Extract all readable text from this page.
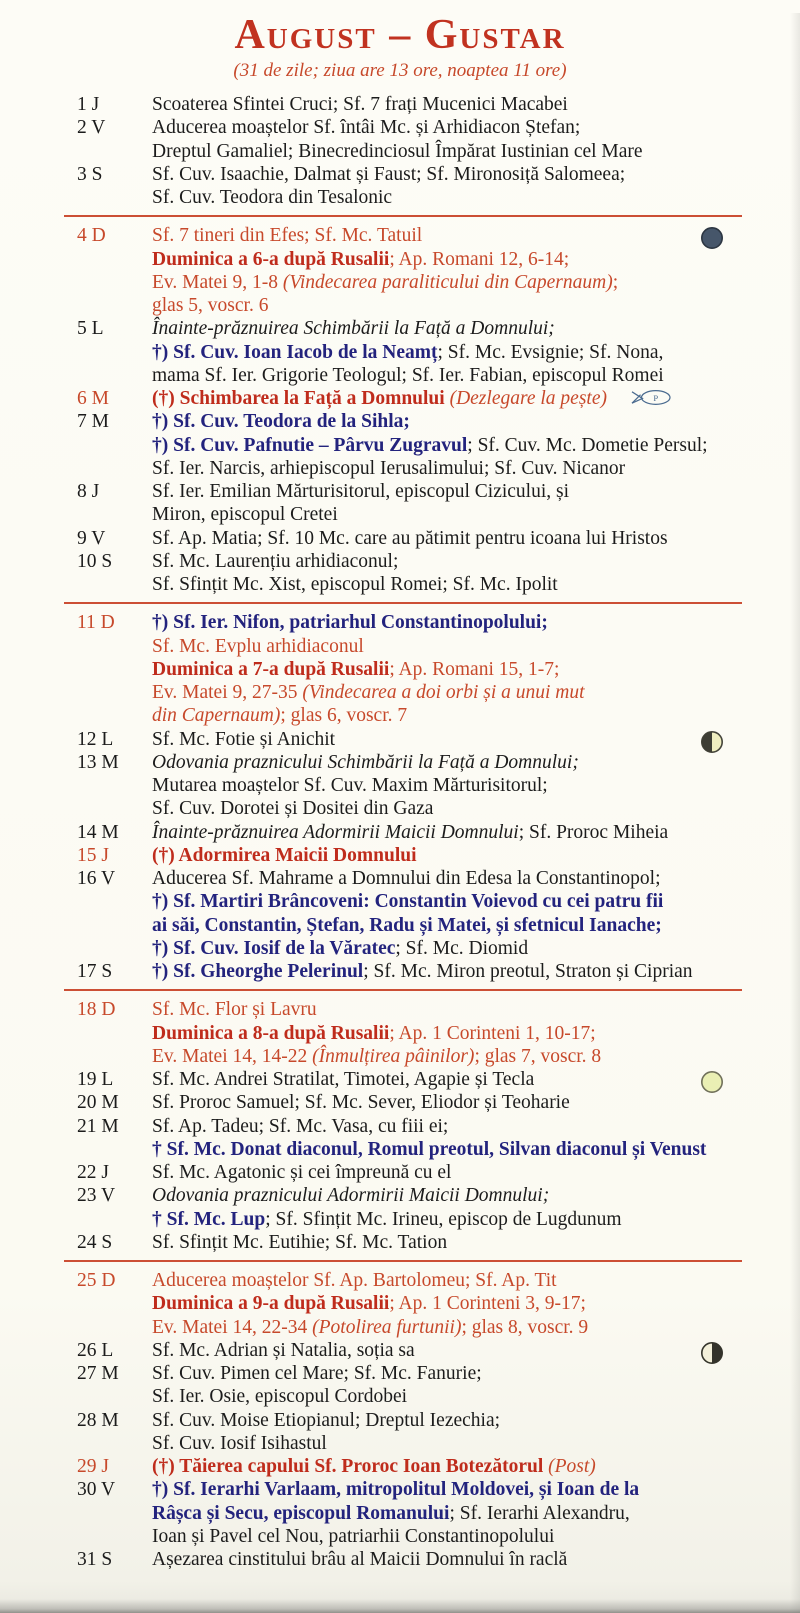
August – Gustar
(31 de zile; ziua are 13 ore, noaptea 11 ore)
1 J	Scoaterea Sfintei Cruci; Sf. 7 frați Mucenici Macabei
2 V	Aducerea moaștelor Sf. întâi Mc. și Arhidiacon Ștefan;
Dreptul Gamaliel; Binecredinciosul Împărat Iustinian cel Mare
3 S	Sf. Cuv. Isaachie, Dalmat și Faust; Sf. Mironosiță Salomeea;
Sf. Cuv. Teodora din Tesalonic
4 D	Sf. 7 tineri din Efes; Sf. Mc. Tatuil
Duminica a 6-a după Rusalii; Ap. Romani 12, 6-14;
Ev. Matei 9, 1-8 (Vindecarea paraliticului din Capernaum);
glas 5, voscr. 6
5 L	Înainte-prăznuirea Schimbării la Față a Domnului;
†) Sf. Cuv. Ioan Iacob de la Neamț; Sf. Mc. Evsignie; Sf. Nona,
mama Sf. Ier. Grigorie Teologul; Sf. Ier. Fabian, episcopul Romei
6 M	(†) Schimbarea la Față a Domnului (Dezlegare la pește)	P
7 M	†) Sf. Cuv. Teodora de la Sihla;
†) Sf. Cuv. Pafnutie – Pârvu Zugravul; Sf. Cuv. Mc. Dometie Persul;
Sf. Ier. Narcis, arhiepiscopul Ierusalimului; Sf. Cuv. Nicanor
8 J	Sf. Ier. Emilian Mărturisitorul, episcopul Cizicului, și
Miron, episcopul Cretei
9 V	Sf. Ap. Matia; Sf. 10 Mc. care au pătimit pentru icoana lui Hristos
10 S	Sf. Mc. Laurențiu arhidiaconul;
Sf. Sfințit Mc. Xist, episcopul Romei; Sf. Mc. Ipolit
11 D	†) Sf. Ier. Nifon, patriarhul Constantinopolului;
Sf. Mc. Evplu arhidiaconul
Duminica a 7-a după Rusalii; Ap. Romani 15, 1-7;
Ev. Matei 9, 27-35 (Vindecarea a doi orbi și a unui mut
din Capernaum); glas 6, voscr. 7
12 L	Sf. Mc. Fotie și Anichit
13 M	Odovania praznicului Schimbării la Față a Domnului;
Mutarea moaștelor Sf. Cuv. Maxim Mărturisitorul;
Sf. Cuv. Dorotei și Dositei din Gaza
14 M	Înainte-prăznuirea Adormirii Maicii Domnului; Sf. Proroc Miheia
15 J	(†) Adormirea Maicii Domnului
16 V	Aducerea Sf. Mahrame a Domnului din Edesa la Constantinopol;
†) Sf. Martiri Brâncoveni: Constantin Voievod cu cei patru fii
ai săi, Constantin, Ștefan, Radu și Matei, și sfetnicul Ianache;
†) Sf. Cuv. Iosif de la Văratec; Sf. Mc. Diomid
17 S	†) Sf. Gheorghe Pelerinul; Sf. Mc. Miron preotul, Straton și Ciprian
18 D	Sf. Mc. Flor și Lavru
Duminica a 8-a după Rusalii; Ap. 1 Corinteni 1, 10-17;
Ev. Matei 14, 14-22 (Înmulțirea pâinilor); glas 7, voscr. 8
19 L	Sf. Mc. Andrei Stratilat, Timotei, Agapie și Tecla
20 M	Sf. Proroc Samuel; Sf. Mc. Sever, Eliodor și Teoharie
21 M	Sf. Ap. Tadeu; Sf. Mc. Vasa, cu fiii ei;
† Sf. Mc. Donat diaconul, Romul preotul, Silvan diaconul și Venust
22 J	Sf. Mc. Agatonic și cei împreună cu el
23 V	Odovania praznicului Adormirii Maicii Domnului;
† Sf. Mc. Lup; Sf. Sfințit Mc. Irineu, episcop de Lugdunum
24 S	Sf. Sfințit Mc. Eutihie; Sf. Mc. Tation
25 D	Aducerea moaștelor Sf. Ap. Bartolomeu; Sf. Ap. Tit
Duminica a 9-a după Rusalii; Ap. 1 Corinteni 3, 9-17;
Ev. Matei 14, 22-34 (Potolirea furtunii); glas 8, voscr. 9
26 L	Sf. Mc. Adrian și Natalia, soția sa
27 M	Sf. Cuv. Pimen cel Mare; Sf. Mc. Fanurie;
Sf. Ier. Osie, episcopul Cordobei
28 M	Sf. Cuv. Moise Etiopianul; Dreptul Iezechia;
Sf. Cuv. Iosif Isihastul
29 J	(†) Tăierea capului Sf. Proroc Ioan Botezătorul (Post)
30 V	†) Sf. Ierarhi Varlaam, mitropolitul Moldovei, și Ioan de la
Râșca și Secu, episcopul Romanului; Sf. Ierarhi Alexandru,
Ioan și Pavel cel Nou, patriarhii Constantinopolului
31 S	Așezarea cinstitului brâu al Maicii Domnului în raclă
